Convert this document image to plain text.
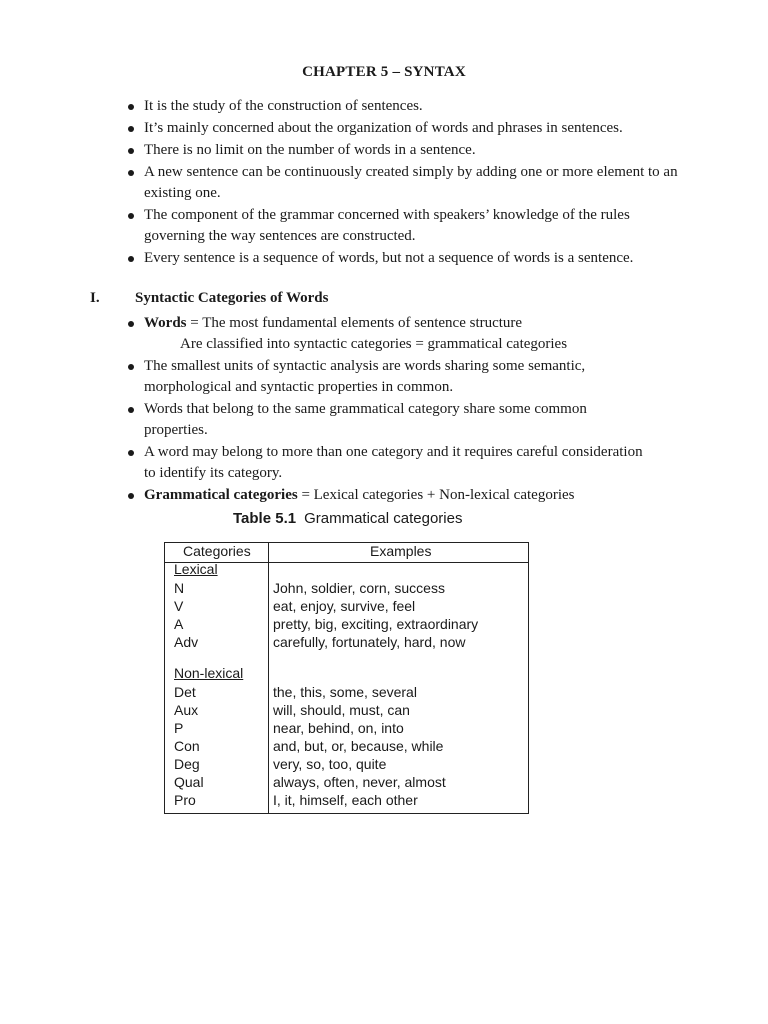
CHAPTER 5 – SYNTAX
It is the study of the construction of sentences.
It’s mainly concerned about the organization of words and phrases in sentences.
There is no limit on the number of words in a sentence.
A new sentence can be continuously created simply by adding one or more element to an existing one.
The component of the grammar concerned with speakers’ knowledge of the rules governing the way sentences are constructed.
Every sentence is a sequence of words, but not a sequence of words is a sentence.
I. Syntactic Categories of Words
Words = The most fundamental elements of sentence structure
Are classified into syntactic categories = grammatical categories
The smallest units of syntactic analysis are words sharing some semantic, morphological and syntactic properties in common.
Words that belong to the same grammatical category share some common properties.
A word may belong to more than one category and it requires careful consideration to identify its category.
Grammatical categories = Lexical categories + Non-lexical categories
Table 5.1 Grammatical categories
Categories	Examples
Lexical
N	John, soldier, corn, success
V	eat, enjoy, survive, feel
A	pretty, big, exciting, extraordinary
Adv	carefully, fortunately, hard, now
Non-lexical
Det	the, this, some, several
Aux	will, should, must, can
P	near, behind, on, into
Con	and, but, or, because, while
Deg	very, so, too, quite
Qual	always, often, never, almost
Pro	I, it, himself, each other
